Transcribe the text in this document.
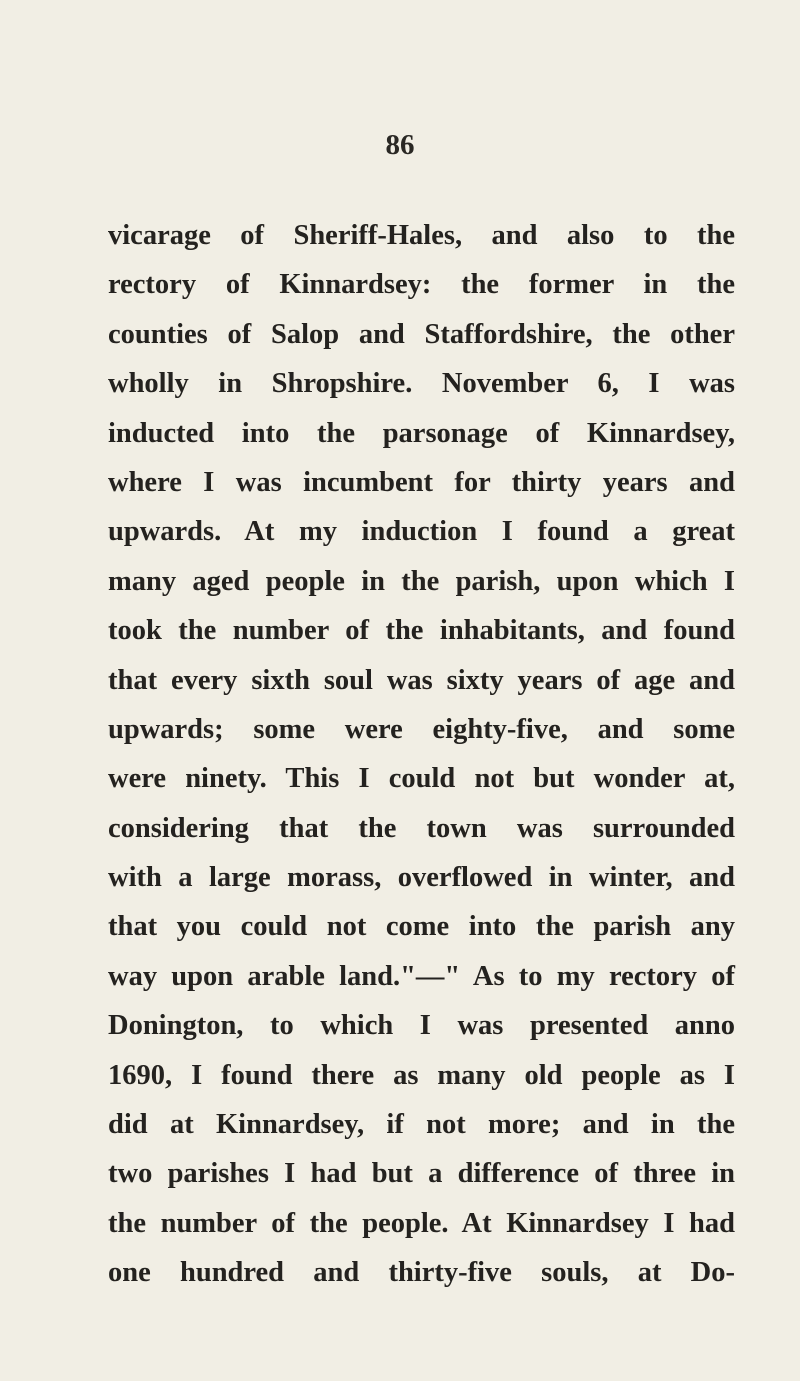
86
vicarage of Sheriff-Hales, and also to the
rectory of Kinnardsey: the former in the
counties of Salop and Staffordshire, the other
wholly in Shropshire. November 6, I was
inducted into the parsonage of Kinnardsey,
where I was incumbent for thirty years and
upwards. At my induction I found a great
many aged people in the parish, upon which I
took the number of the inhabitants, and found
that every sixth soul was sixty years of age and
upwards; some were eighty-five, and some
were ninety. This I could not but wonder at,
considering that the town was surrounded
with a large morass, overflowed in winter, and
that you could not come into the parish any
way upon arable land."—" As to my rectory of
Donington, to which I was presented anno
1690, I found there as many old people as I
did at Kinnardsey, if not more; and in the
two parishes I had but a difference of three in
the number of the people. At Kinnardsey I had
one hundred and thirty-five souls, at Do-
